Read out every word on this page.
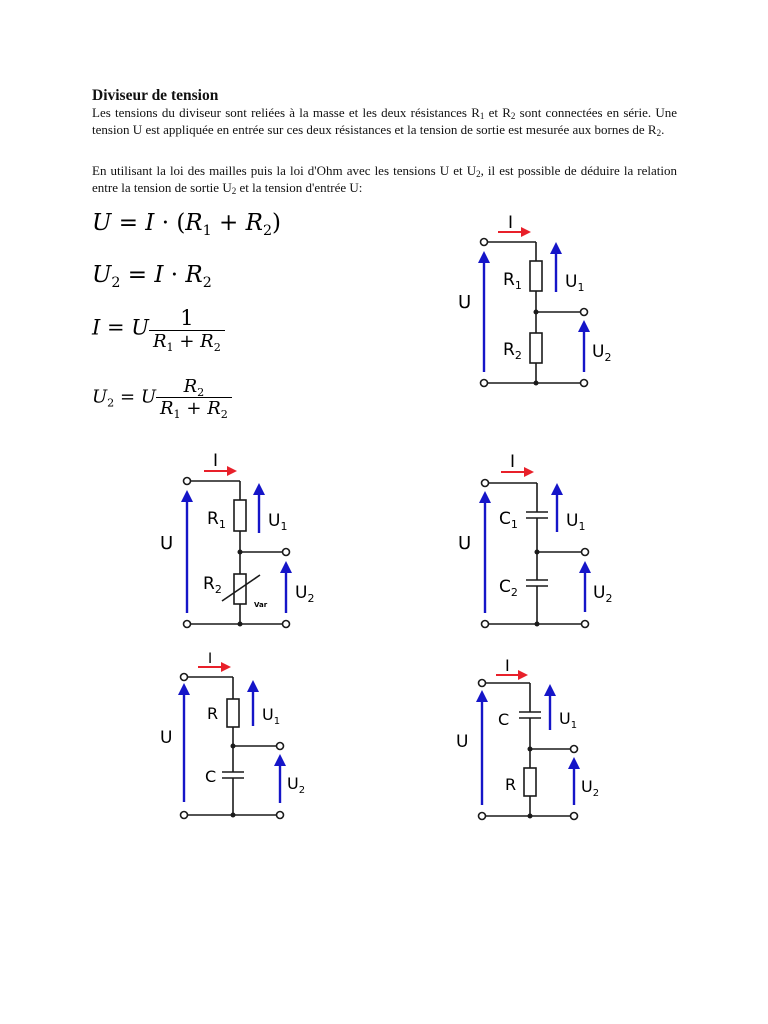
Diviseur de tension

Les tensions du diviseur sont reliées à la masse et les deux résistances $R_1$ et $R_2$ sont connectées en série. Une tension U est appliquée en entrée sur ces deux résistances et la tension de sortie est mesurée aux bornes de $R_2$.

En utilisant la loi des mailles puis la loi d'Ohm avec les tensions U et $U_2$, il est possible de déduire la relation entre la tension de sortie $U_2$ et la tension d'entrée U:

$U = I \cdot (R_1 + R_2)$
$U_2 = I \cdot R_2$
I = U $\frac{1}{R_1 + R_2}$
$U_2 = U \frac{R_2}{R_1 + R_2}$
I
U
$R_1$	$U_1$
$R_2$	$U_2$
I
U
$R_1$ $U_1$
$R_2$
Var
$U_2$
I
U
$C_1$	$U_1$
$C_2$	$U_2$
I
U
R	$U_1$
C	$U_2$
I
U
C	$U_1$
R	$U_2$
